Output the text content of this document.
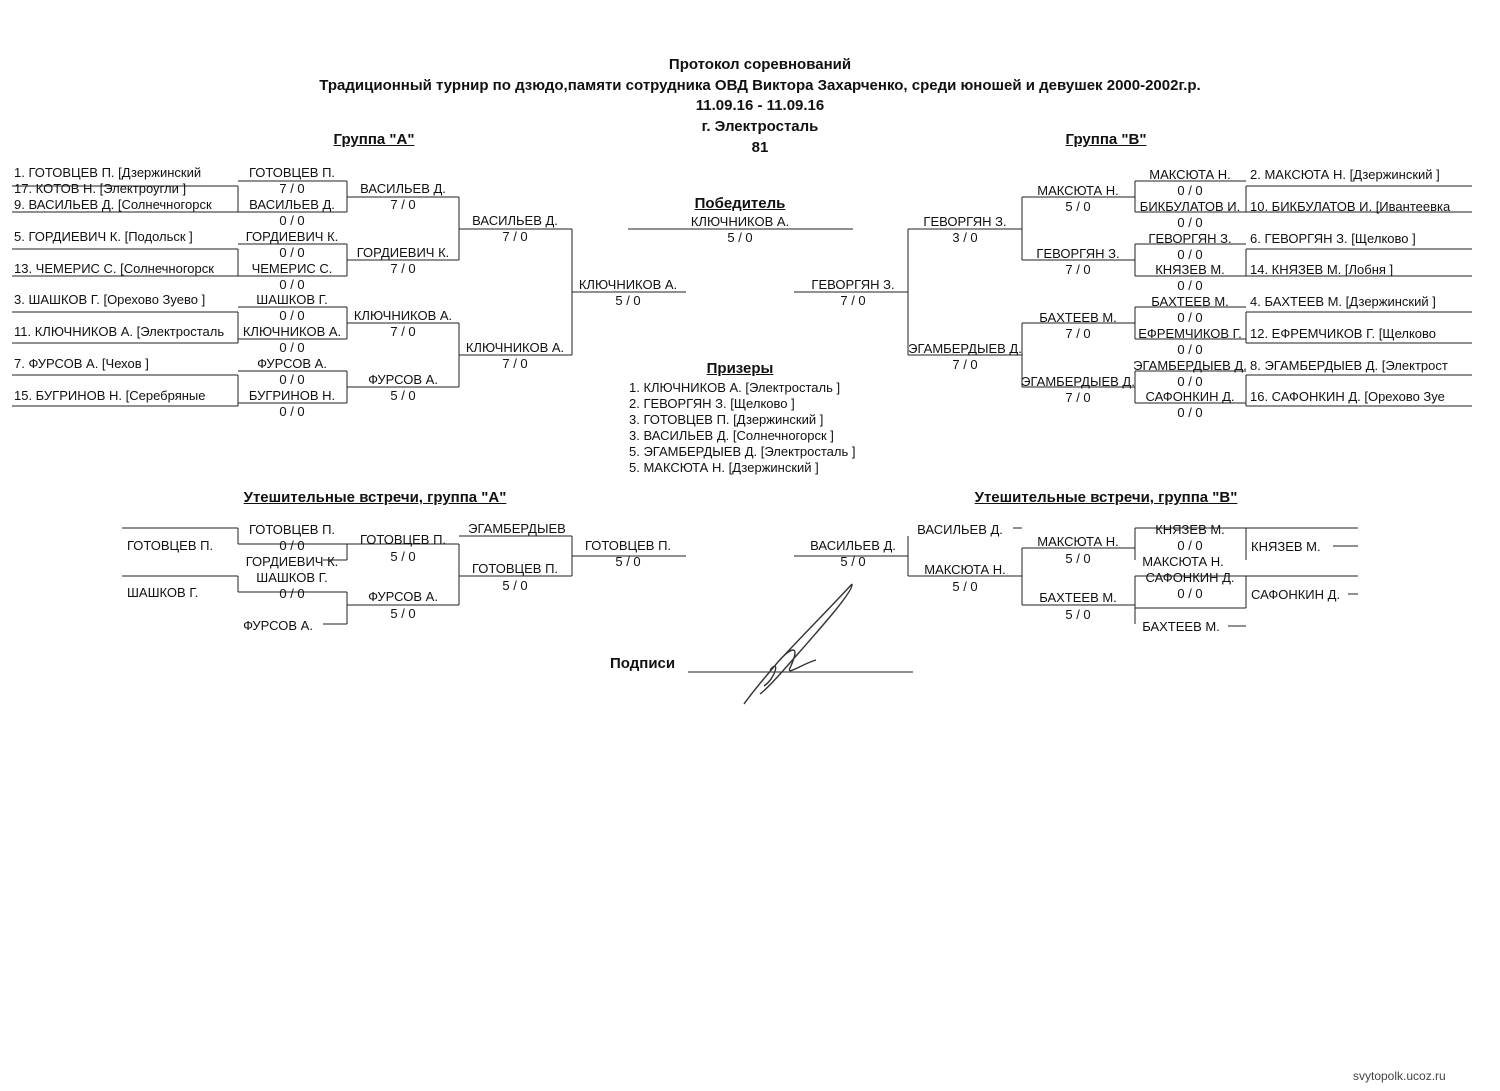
Протокол соревнований
Традиционный турнир по дзюдо,памяти сотрудника ОВД Виктора Захарченко, среди юношей и девушек 2000-2002г.р.
11.09.16 - 11.09.16
г. Электросталь
81
Группа "А"	Группа "В"
1. ГОТОВЦЕВ П. [Дзержинский
17. КОТОВ Н. [Электроугли ]
9. ВАСИЛЬЕВ Д. [Солнечногорск
5. ГОРДИЕВИЧ К. [Подольск ]
13. ЧЕМЕРИС С. [Солнечногорск
3. ШАШКОВ Г. [Орехово Зуево ]
11. КЛЮЧНИКОВ А. [Электросталь
7. ФУРСОВ А. [Чехов ]
15. БУГРИНОВ Н. [Серебряные
ГОТОВЦЕВ П.
7 / 0
ВАСИЛЬЕВ Д.
0 / 0
ГОРДИЕВИЧ К.
0 / 0
ЧЕМЕРИС С.
0 / 0
ШАШКОВ Г.
0 / 0
КЛЮЧНИКОВ А.
0 / 0
ФУРСОВ А.
0 / 0
БУГРИНОВ Н.
0 / 0
ВАСИЛЬЕВ Д.
7 / 0
ГОРДИЕВИЧ К.
7 / 0
КЛЮЧНИКОВ А.
7 / 0
ФУРСОВ А.
5 / 0
ВАСИЛЬЕВ Д.
7 / 0
КЛЮЧНИКОВ А.
7 / 0
КЛЮЧНИКОВ А.
5 / 0
Победитель
КЛЮЧНИКОВ А.
5 / 0
2. МАКСЮТА Н. [Дзержинский ]
10. БИКБУЛАТОВ И. [Ивантеевка
6. ГЕВОРГЯН З. [Щелково ]
14. КНЯЗЕВ М. [Лобня ]
4. БАХТЕЕВ М. [Дзержинский ]
12. ЕФРЕМЧИКОВ Г. [Щелково
8. ЭГАМБЕРДЫЕВ Д. [Электрост
16. САФОНКИН Д. [Орехово Зуе
МАКСЮТА Н.
0 / 0
БИКБУЛАТОВ И.
0 / 0
ГЕВОРГЯН З.
0 / 0
КНЯЗЕВ М.
0 / 0
БАХТЕЕВ М.
0 / 0
ЕФРЕМЧИКОВ Г.
0 / 0
ЭГАМБЕРДЫЕВ Д.
0 / 0
САФОНКИН Д.
0 / 0
МАКСЮТА Н.
5 / 0
ГЕВОРГЯН З.
7 / 0
БАХТЕЕВ М.
7 / 0
ЭГАМБЕРДЫЕВ Д.
7 / 0
ГЕВОРГЯН З.
3 / 0
ЭГАМБЕРДЫЕВ Д.
7 / 0
ГЕВОРГЯН З.
7 / 0
Призеры
1. КЛЮЧНИКОВ А. [Электросталь ]
2. ГЕВОРГЯН З. [Щелково ]
3. ГОТОВЦЕВ П. [Дзержинский ]
3. ВАСИЛЬЕВ Д. [Солнечногорск ]
5. ЭГАМБЕРДЫЕВ Д. [Электросталь ]
5. МАКСЮТА Н. [Дзержинский ]
Утешительные встречи, группа "А"
ГОТОВЦЕВ П.
ШАШКОВ Г.
ГОТОВЦЕВ П.
0 / 0
ГОРДИЕВИЧ К.
ШАШКОВ Г.
0 / 0
ФУРСОВ А.
ГОТОВЦЕВ П.
5 / 0
ФУРСОВ А.
5 / 0
ЭГАМБЕРДЫЕВ
ГОТОВЦЕВ П.
5 / 0
ГОТОВЦЕВ П.
5 / 0
Утешительные встречи, группа "В"
ВАСИЛЬЕВ Д.
5 / 0
ВАСИЛЬЕВ Д.
МАКСЮТА Н.
5 / 0
МАКСЮТА Н.
5 / 0
БАХТЕЕВ М.
5 / 0
КНЯЗЕВ М.
0 / 0
МАКСЮТА Н.
САФОНКИН Д.
0 / 0
БАХТЕЕВ М.
КНЯЗЕВ М.
САФОНКИН Д.
Подписи
svytopolk.ucoz.ru
